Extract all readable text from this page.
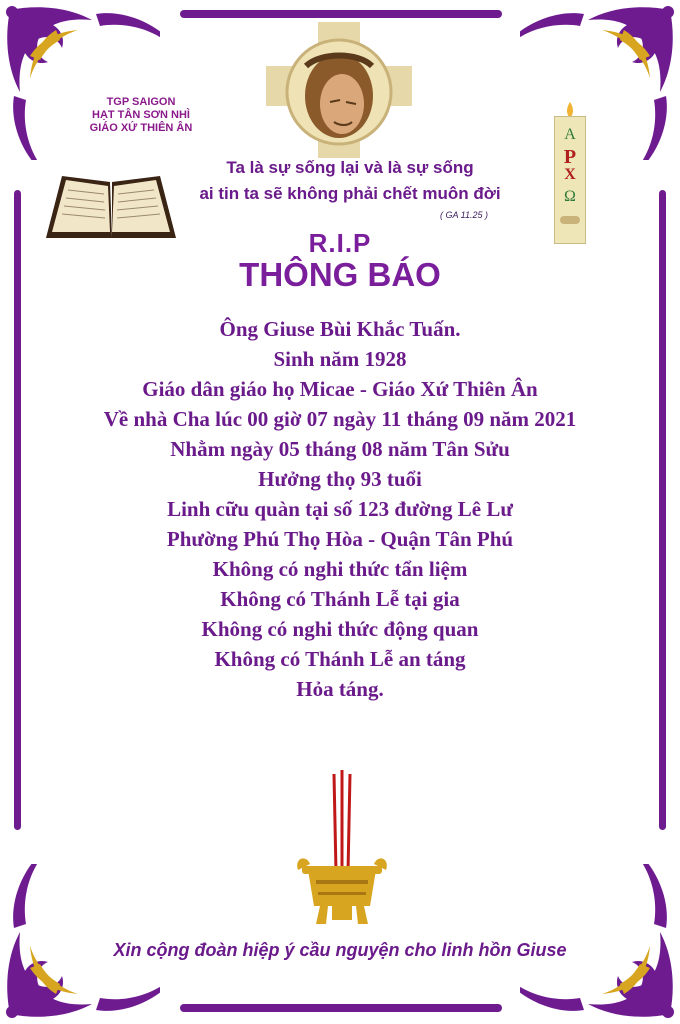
TGP SAIGON
HẠT TÂN SƠN NHÌ
GIÁO XỨ THIÊN ÂN	A
P
X
Ω
Ta là sự sống lại và là sự sống
ai tin ta sẽ không phải chết muôn đời
( GA 11.25 )
R.I.P
THÔNG BÁO
Ông Giuse Bùi Khắc Tuấn.
Sinh năm 1928
Giáo dân giáo họ Micae - Giáo Xứ Thiên Ân
Về nhà Cha lúc 00 giờ 07 ngày 11 tháng 09 năm 2021
Nhằm ngày 05 tháng 08 năm Tân Sửu
Hưởng thọ 93 tuổi
Linh cữu quàn tại số 123 đường Lê Lư
Phường Phú Thọ Hòa - Quận Tân Phú
Không có nghi thức tẩn liệm
Không có Thánh Lễ tại gia
Không có nghi thức động quan
Không có Thánh Lễ an táng
Hỏa táng.
Xin cộng đoàn hiệp ý cầu nguyện cho linh hồn Giuse
